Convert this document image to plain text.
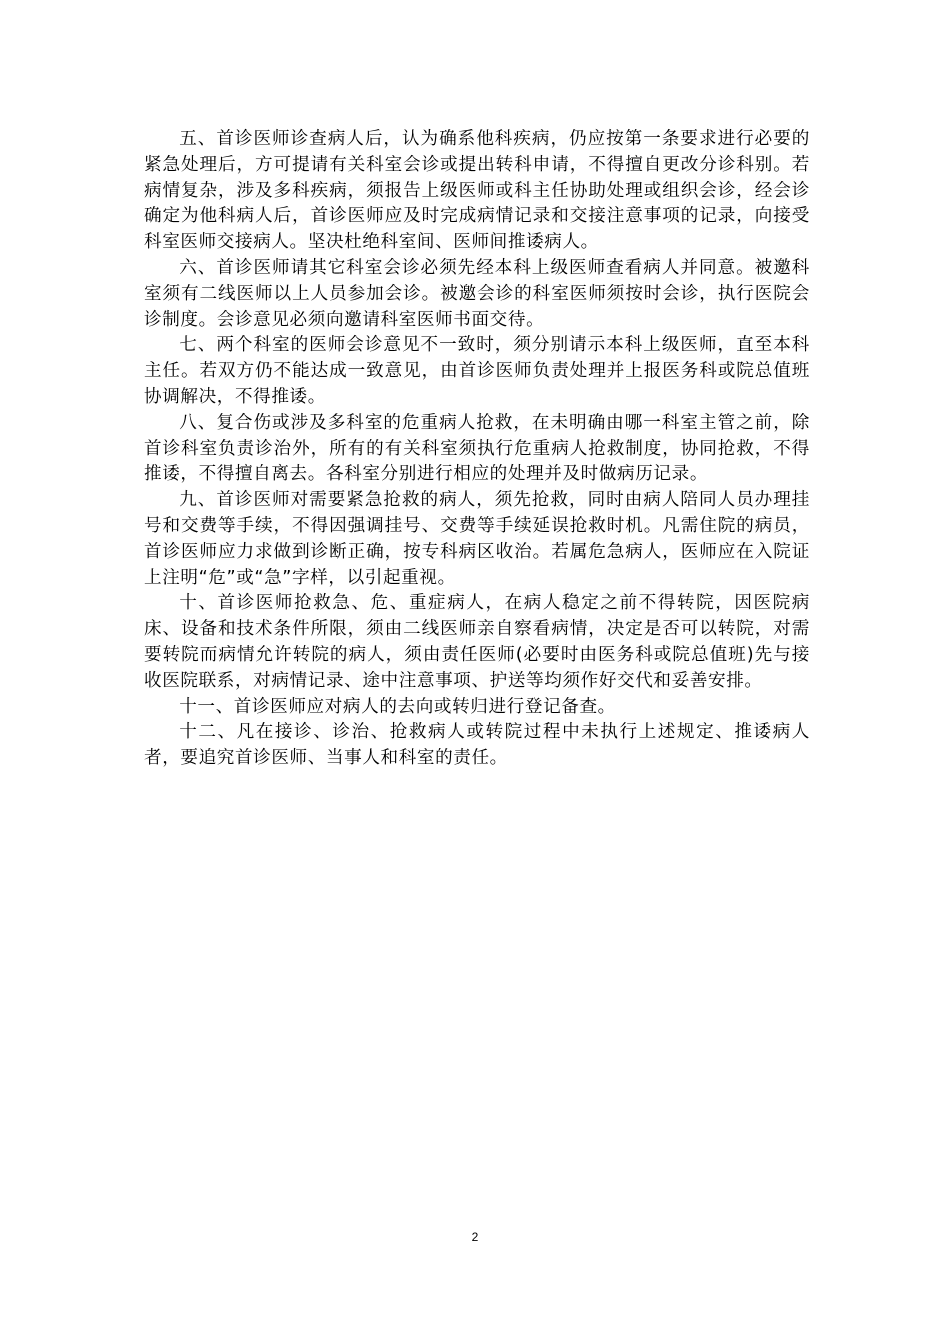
五、首诊医师诊查病人后，认为确系他科疾病，仍应按第一条要求进行必要的紧急处理后，方可提请有关科室会诊或提出转科申请，不得擅自更改分诊科别。若病情复杂，涉及多科疾病，须报告上级医师或科主任协助处理或组织会诊，经会诊确定为他科病人后，首诊医师应及时完成病情记录和交接注意事项的记录，向接受科室医师交接病人。坚决杜绝科室间、医师间推诿病人。

六、首诊医师请其它科室会诊必须先经本科上级医师查看病人并同意。被邀科室须有二线医师以上人员参加会诊。被邀会诊的科室医师须按时会诊，执行医院会诊制度。会诊意见必须向邀请科室医师书面交待。

七、两个科室的医师会诊意见不一致时，须分别请示本科上级医师，直至本科主任。若双方仍不能达成一致意见，由首诊医师负责处理并上报医务科或院总值班协调解决，不得推诿。

八、复合伤或涉及多科室的危重病人抢救，在未明确由哪一科室主管之前，除首诊科室负责诊治外，所有的有关科室须执行危重病人抢救制度，协同抢救，不得推诿，不得擅自离去。各科室分别进行相应的处理并及时做病历记录。

九、首诊医师对需要紧急抢救的病人，须先抢救，同时由病人陪同人员办理挂号和交费等手续，不得因强调挂号、交费等手续延误抢救时机。凡需住院的病员，首诊医师应力求做到诊断正确，按专科病区收治。若属危急病人，医师应在入院证上注明“危”或“急”字样，以引起重视。

十、首诊医师抢救急、危、重症病人，在病人稳定之前不得转院，因医院病床、设备和技术条件所限，须由二线医师亲自察看病情，决定是否可以转院，对需要转院而病情允许转院的病人，须由责任医师(必要时由医务科或院总值班)先与接收医院联系，对病情记录、途中注意事项、护送等均须作好交代和妥善安排。

十一、首诊医师应对病人的去向或转归进行登记备查。

十二、凡在接诊、诊治、抢救病人或转院过程中未执行上述规定、推诿病人者，要追究首诊医师、当事人和科室的责任。

2
